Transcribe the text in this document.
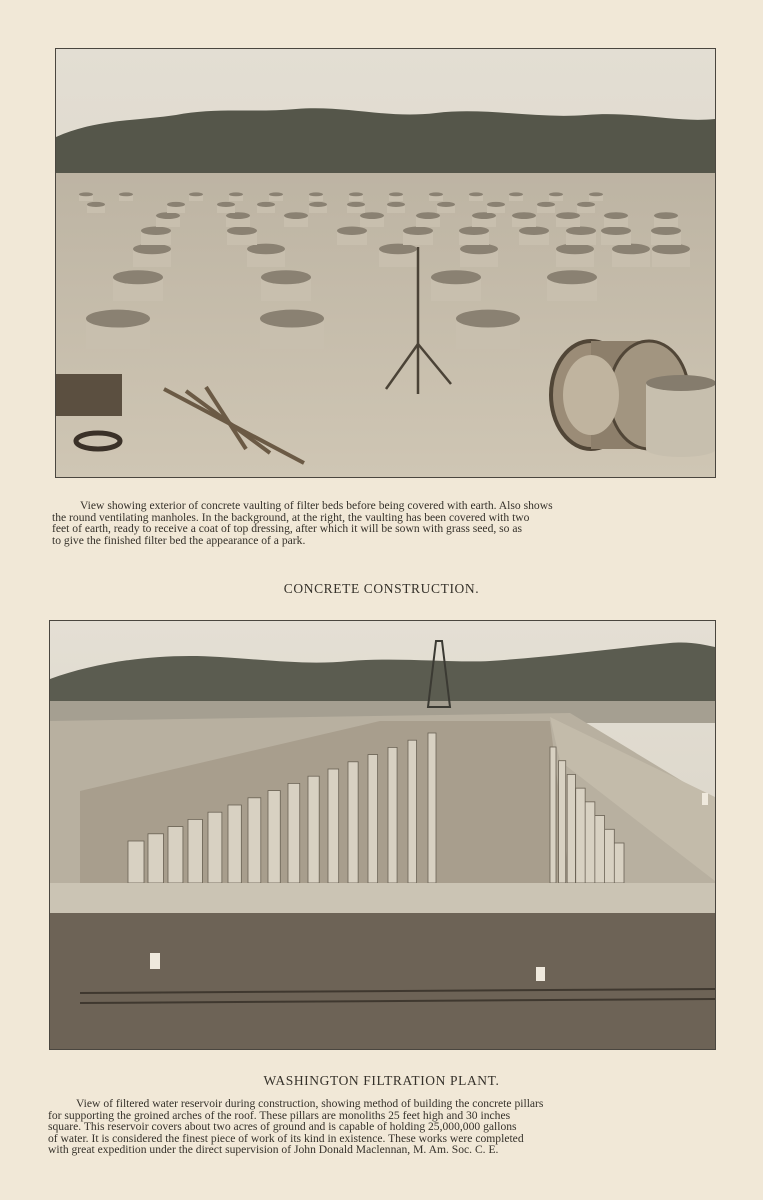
View showing exterior of concrete vaulting of filter beds before being covered with earth. Also shows
the round ventilating manholes. In the background, at the right, the vaulting has been covered with two
feet of earth, ready to receive a coat of top dressing, after which it will be sown with grass seed, so as
to give the finished filter bed the appearance of a park.

CONCRETE CONSTRUCTION.

WASHINGTON FILTRATION PLANT.

View of filtered water reservoir during construction, showing method of building the concrete pillars
for supporting the groined arches of the roof. These pillars are monoliths 25 feet high and 30 inches
square. This reservoir covers about two acres of ground and is capable of holding 25,000,000 gallons
of water. It is considered the finest piece of work of its kind in existence. These works were completed
with great expedition under the direct supervision of John Donald Maclennan, M. Am. Soc. C. E.
